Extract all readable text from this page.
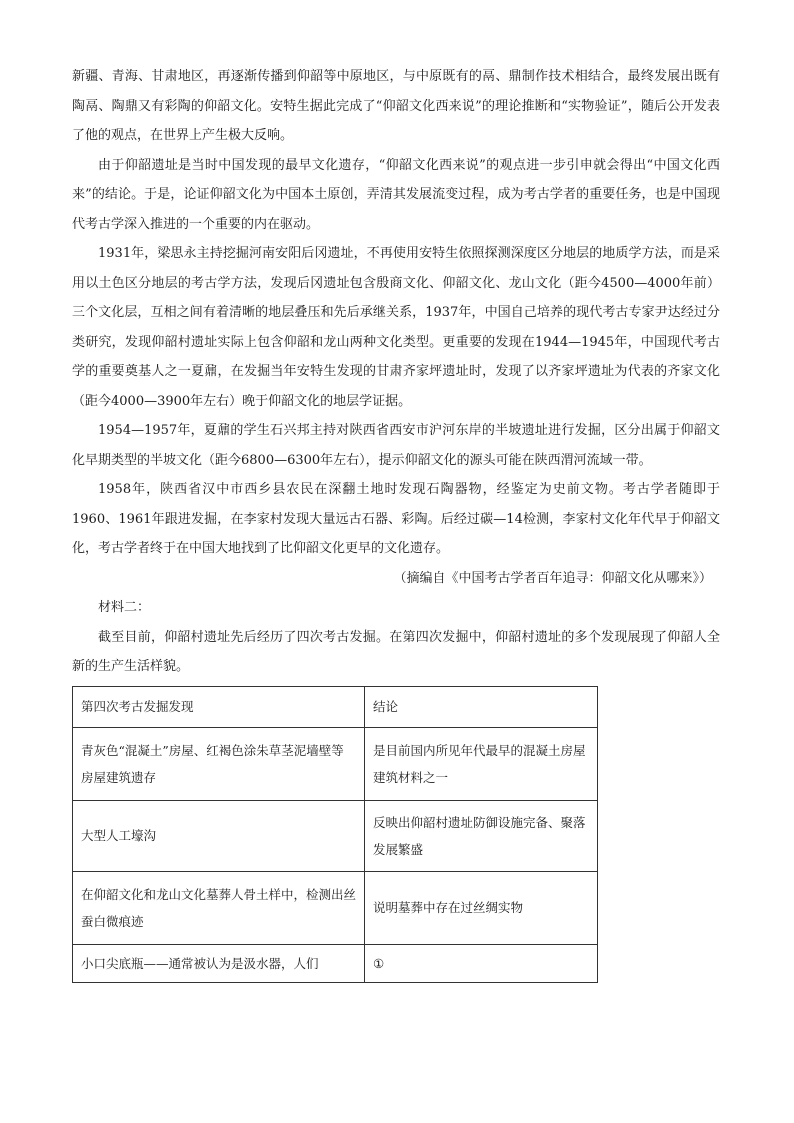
新疆、青海、甘肃地区，再逐渐传播到仰韶等中原地区，与中原既有的鬲、鼎制作技术相结合，最终发展出既有陶鬲、陶鼎又有彩陶的仰韶文化。安特生据此完成了“仰韶文化西来说”的理论推断和“实物验证”，随后公开发表了他的观点，在世界上产生极大反响。

由于仰韶遗址是当时中国发现的最早文化遗存，“仰韶文化西来说”的观点进一步引申就会得出“中国文化西来”的结论。于是，论证仰韶文化为中国本土原创，弄清其发展流变过程，成为考古学者的重要任务，也是中国现代考古学深入推进的一个重要的内在驱动。

1931年，梁思永主持挖掘河南安阳后冈遗址，不再使用安特生依照探测深度区分地层的地质学方法，而是采用以土色区分地层的考古学方法，发现后冈遗址包含殷商文化、仰韶文化、龙山文化（距今4500—4000年前）三个文化层，互相之间有着清晰的地层叠压和先后承继关系，1937年，中国自己培养的现代考古专家尹达经过分类研究，发现仰韶村遗址实际上包含仰韶和龙山两种文化类型。更重要的发现在1944—1945年，中国现代考古学的重要奠基人之一夏鼐，在发掘当年安特生发现的甘肃齐家坪遗址时，发现了以齐家坪遗址为代表的齐家文化（距今4000—3900年左右）晚于仰韶文化的地层学证据。

1954—1957年，夏鼐的学生石兴邦主持对陕西省西安市沪河东岸的半坡遗址进行发掘，区分出属于仰韶文化早期类型的半坡文化（距今6800—6300年左右），提示仰韶文化的源头可能在陕西渭河流域一带。

1958年，陕西省汉中市西乡县农民在深翻土地时发现石陶器物，经鉴定为史前文物。考古学者随即于1960、1961年跟进发掘，在李家村发现大量远古石器、彩陶。后经过碳—14检测，李家村文化年代早于仰韶文化，考古学者终于在中国大地找到了比仰韶文化更早的文化遗存。

（摘编自《中国考古学者百年追寻：仰韶文化从哪来》）

材料二：

截至目前，仰韶村遗址先后经历了四次考古发掘。在第四次发掘中，仰韶村遗址的多个发现展现了仰韶人全新的生产生活样貌。

第四次考古发掘发现	结论
青灰色“混凝土”房屋、红褐色涂朱草茎泥墙壁等房屋建筑遗存	是目前国内所见年代最早的混凝土房屋建筑材料之一
大型人工壕沟	反映出仰韶村遗址防御设施完备、聚落发展繁盛
在仰韶文化和龙山文化墓葬人骨土样中，检测出丝蚕白微痕迹	说明墓葬中存在过丝绸实物
小口尖底瓶——通常被认为是汲水器，人们	①
